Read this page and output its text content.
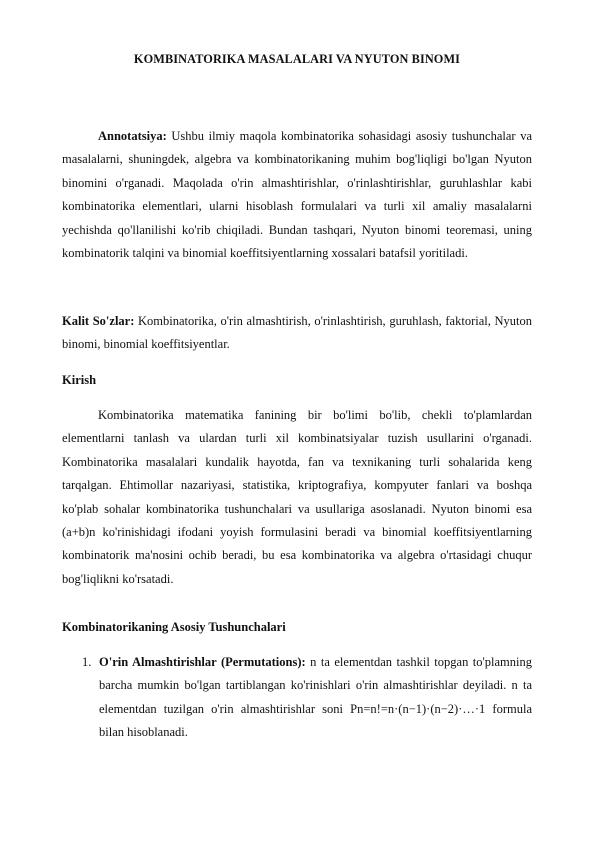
KOMBINATORIKA MASALALARI VA NYUTON BINOMI

Annotatsiya: Ushbu ilmiy maqola kombinatorika sohasidagi asosiy tushunchalar va masalalarni, shuningdek, algebra va kombinatorikaning muhim bog'liqligi bo'lgan Nyuton binomini o'rganadi. Maqolada o'rin almashtirishlar, o'rinlashtirishlar, guruhlashlar kabi kombinatorika elementlari, ularni hisoblash formulalari va turli xil amaliy masalalarni yechishda qo'llanilishi ko'rib chiqiladi. Bundan tashqari, Nyuton binomi teoremasi, uning kombinatorik talqini va binomial koeffitsiyentlarning xossalari batafsil yoritiladi.

Kalit So'zlar: Kombinatorika, o'rin almashtirish, o'rinlashtirish, guruhlash, faktorial, Nyuton binomi, binomial koeffitsiyentlar.

Kirish

Kombinatorika matematika fanining bir bo'limi bo'lib, chekli to'plamlardan elementlarni tanlash va ulardan turli xil kombinatsiyalar tuzish usullarini o'rganadi. Kombinatorika masalalari kundalik hayotda, fan va texnikaning turli sohalarida keng tarqalgan. Ehtimollar nazariyasi, statistika, kriptografiya, kompyuter fanlari va boshqa ko'plab sohalar kombinatorika tushunchalari va usullariga asoslanadi. Nyuton binomi esa (a+b)n ko'rinishidagi ifodani yoyish formulasini beradi va binomial koeffitsiyentlarning kombinatorik ma'nosini ochib beradi, bu esa kombinatorika va algebra o'rtasidagi chuqur bog'liqlikni ko'rsatadi.

Kombinatorikaning Asosiy Tushunchalari

1. O'rin Almashtirishlar (Permutations): n ta elementdan tashkil topgan to'plamning barcha mumkin bo'lgan tartiblangan ko'rinishlari o'rin almashtirishlar deyiladi. n ta elementdan tuzilgan o'rin almashtirishlar soni Pn=n!=n·(n−1)·(n−2)·…·1 formula bilan hisoblanadi.
